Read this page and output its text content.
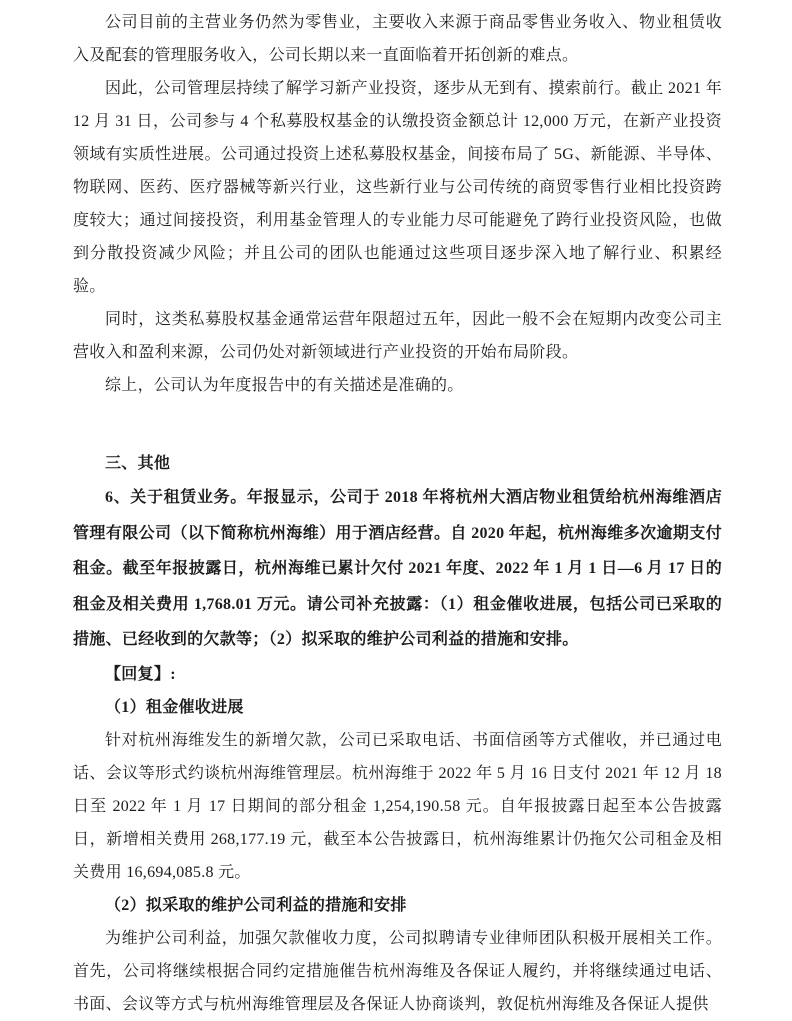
公司目前的主营业务仍然为零售业，主要收入来源于商品零售业务收入、物业租赁收入及配套的管理服务收入，公司长期以来一直面临着开拓创新的难点。

因此，公司管理层持续了解学习新产业投资，逐步从无到有、摸索前行。截止 2021 年 12 月 31 日，公司参与 4 个私募股权基金的认缴投资金额总计 12,000 万元，在新产业投资领域有实质性进展。公司通过投资上述私募股权基金，间接布局了 5G、新能源、半导体、物联网、医药、医疗器械等新兴行业，这些新行业与公司传统的商贸零售行业相比投资跨度较大；通过间接投资，利用基金管理人的专业能力尽可能避免了跨行业投资风险，也做到分散投资减少风险；并且公司的团队也能通过这些项目逐步深入地了解行业、积累经验。

同时，这类私募股权基金通常运营年限超过五年，因此一般不会在短期内改变公司主营收入和盈利来源，公司仍处对新领域进行产业投资的开始布局阶段。

综上，公司认为年度报告中的有关描述是准确的。

三、其他

6、关于租赁业务。年报显示，公司于 2018 年将杭州大酒店物业租赁给杭州海维酒店管理有限公司（以下简称杭州海维）用于酒店经营。自 2020 年起，杭州海维多次逾期支付租金。截至年报披露日，杭州海维已累计欠付 2021 年度、2022 年 1 月 1 日—6 月 17 日的租金及相关费用 1,768.01 万元。请公司补充披露：（1）租金催收进展，包括公司已采取的措施、已经收到的欠款等；（2）拟采取的维护公司利益的措施和安排。

【回复】:

（1）租金催收进展

针对杭州海维发生的新增欠款，公司已采取电话、书面信函等方式催收，并已通过电话、会议等形式约谈杭州海维管理层。杭州海维于 2022 年 5 月 16 日支付 2021 年 12 月 18 日至 2022 年 1 月 17 日期间的部分租金 1,254,190.58 元。自年报披露日起至本公告披露日，新增相关费用 268,177.19 元，截至本公告披露日，杭州海维累计仍拖欠公司租金及相关费用 16,694,085.8 元。

（2）拟采取的维护公司利益的措施和安排

为维护公司利益，加强欠款催收力度，公司拟聘请专业律师团队积极开展相关工作。首先，公司将继续根据合同约定措施催告杭州海维及各保证人履约，并将继续通过电话、书面、会议等方式与杭州海维管理层及各保证人协商谈判，敦促杭州海维及各保证人提供
